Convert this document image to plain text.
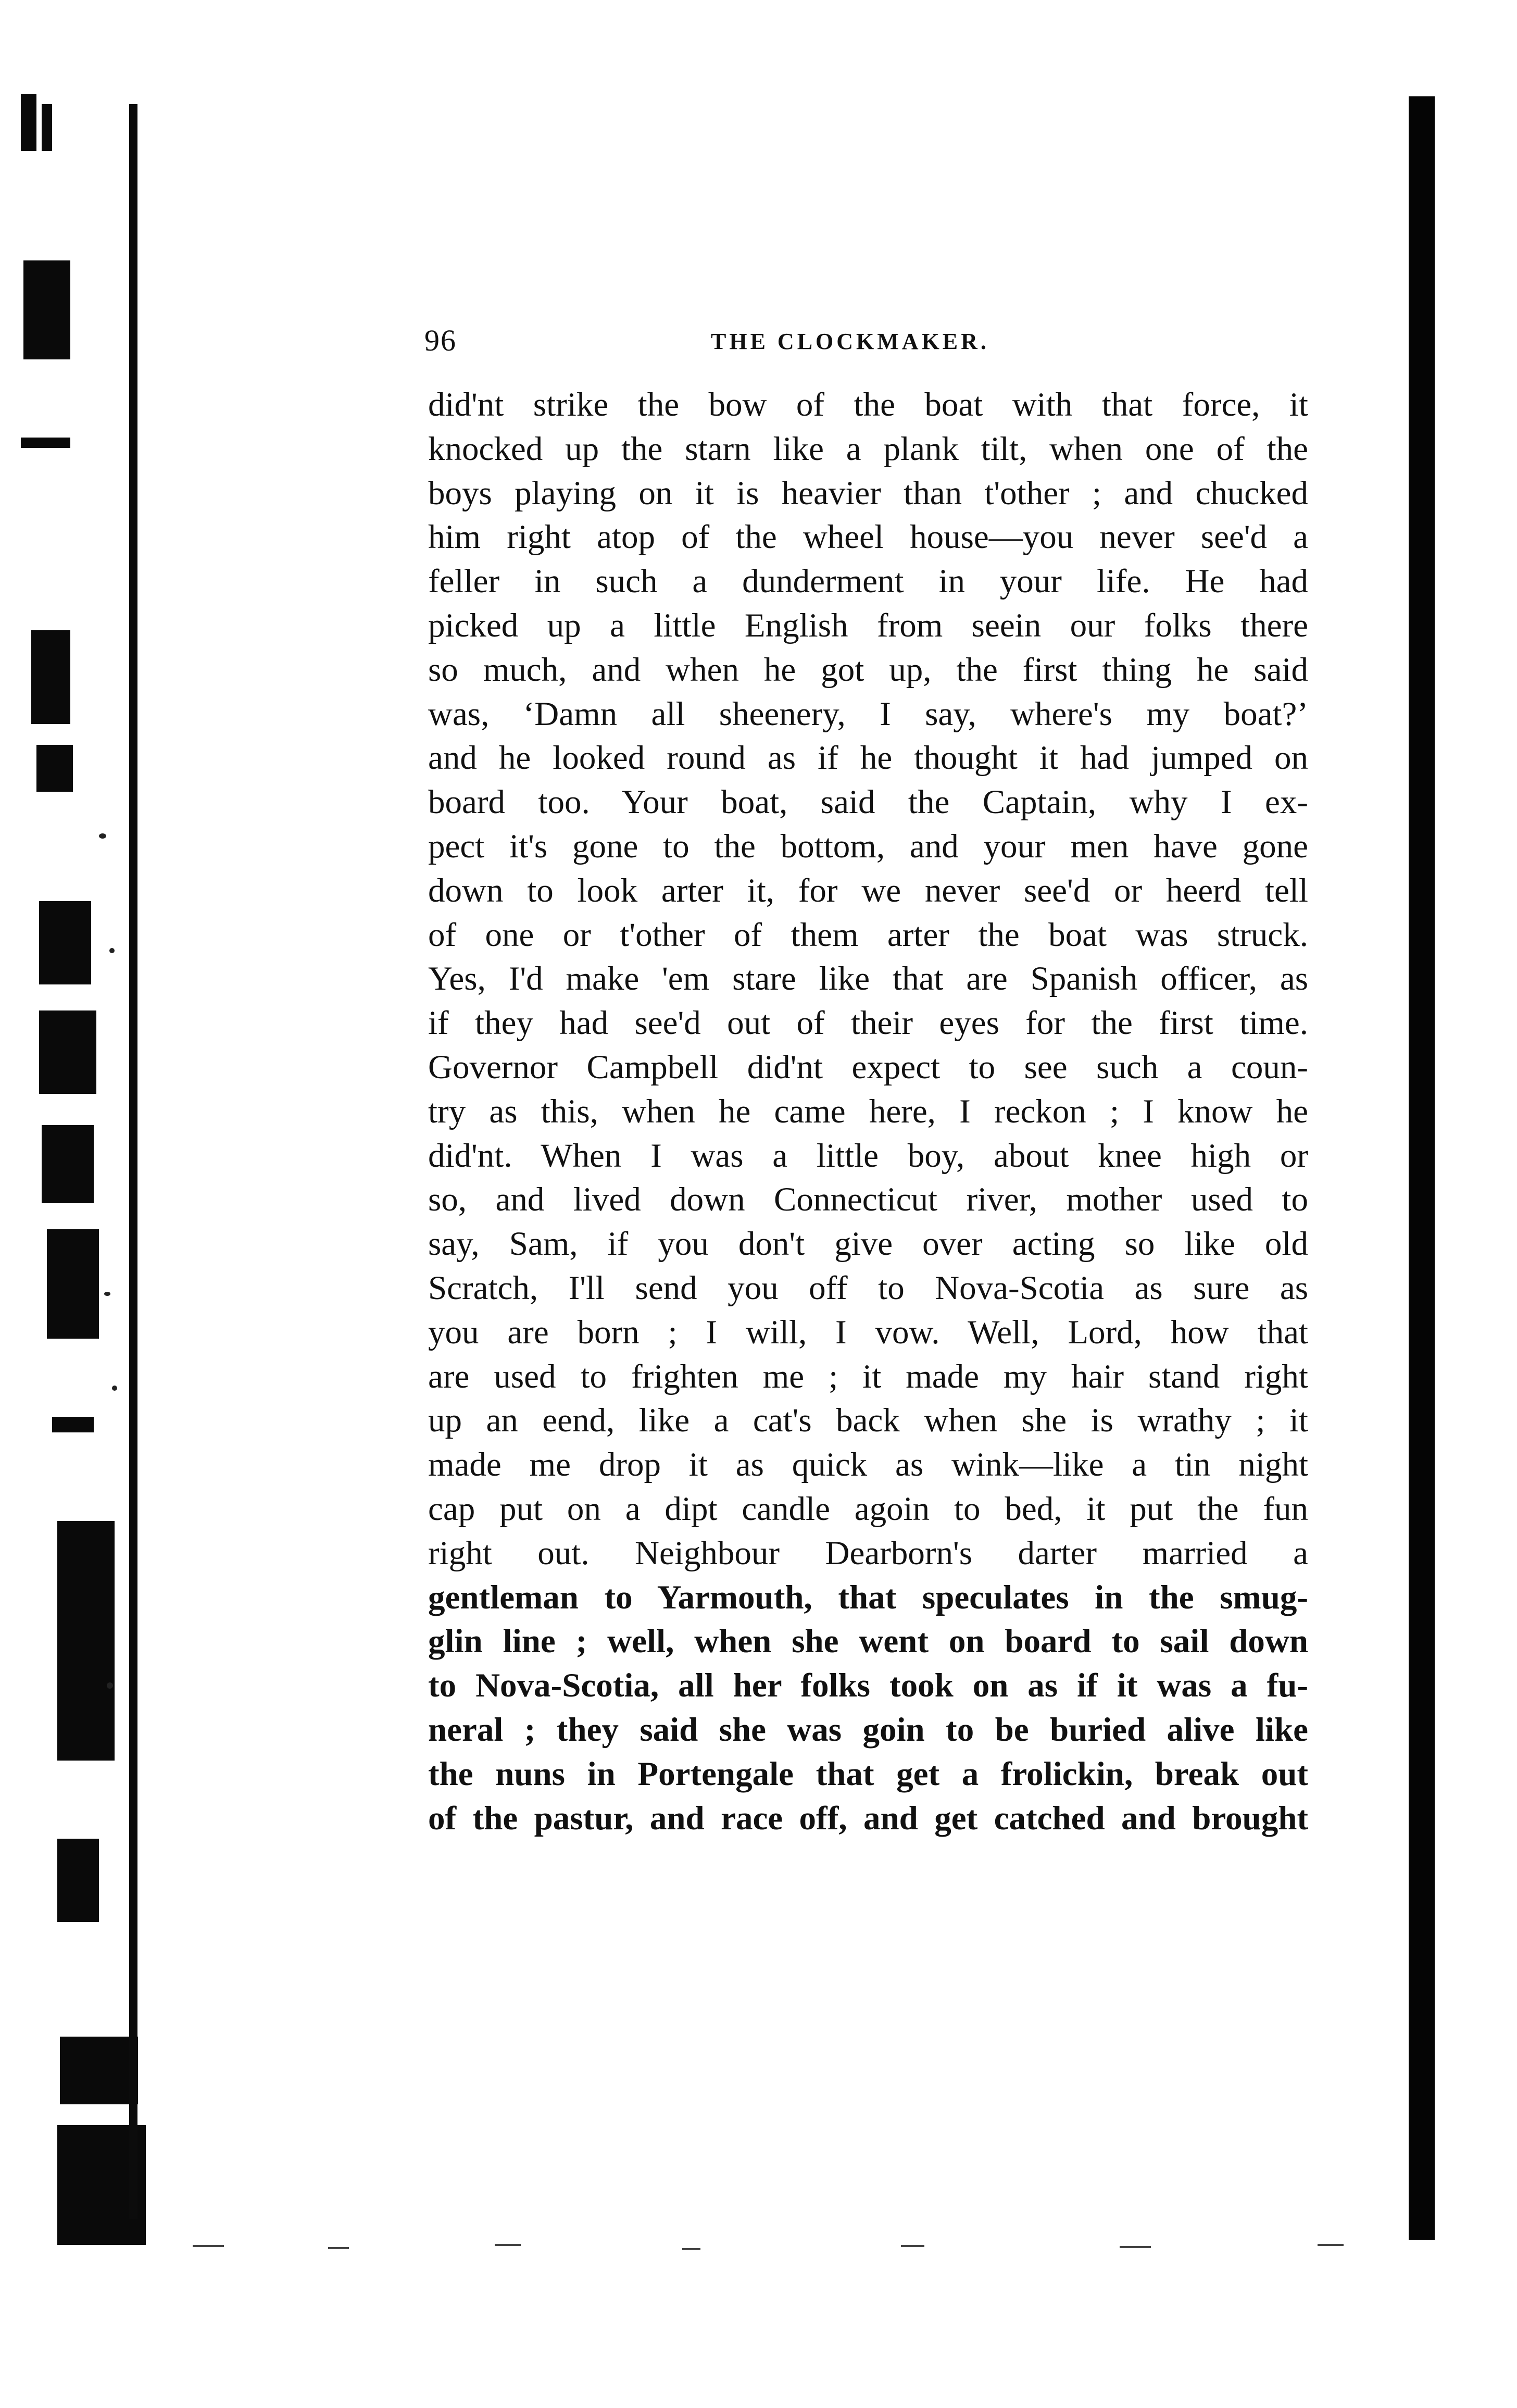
96	THE CLOCKMAKER.
did'nt strike the bow of the boat with that force, it
knocked up the starn like a plank tilt, when one of the
boys playing on it is heavier than t'other ; and chucked
him right atop of the wheel house—you never see'd a
feller in such a dunderment in your life. He had
picked up a little English from seein our folks there
so much, and when he got up, the first thing he said
was, ‘Damn all sheenery, I say, where's my boat?’
and he looked round as if he thought it had jumped on
board too. Your boat, said the Captain, why I ex-
pect it's gone to the bottom, and your men have gone
down to look arter it, for we never see'd or heerd tell
of one or t'other of them arter the boat was struck.
Yes, I'd make 'em stare like that are Spanish officer, as
if they had see'd out of their eyes for the first time.
Governor Campbell did'nt expect to see such a coun-
try as this, when he came here, I reckon ; I know he
did'nt. When I was a little boy, about knee high or
so, and lived down Connecticut river, mother used to
say, Sam, if you don't give over acting so like old
Scratch, I'll send you off to Nova-Scotia as sure as
you are born ; I will, I vow. Well, Lord, how that
are used to frighten me ; it made my hair stand right
up an eend, like a cat's back when she is wrathy ; it
made me drop it as quick as wink—like a tin night
cap put on a dipt candle agoin to bed, it put the fun
right out. Neighbour Dearborn's darter married a
gentleman to Yarmouth, that speculates in the smug-
glin line ; well, when she went on board to sail down
to Nova-Scotia, all her folks took on as if it was a fu-
neral ; they said she was goin to be buried alive like
the nuns in Portengale that get a frolickin, break out
of the pastur, and race off, and get catched and brought
